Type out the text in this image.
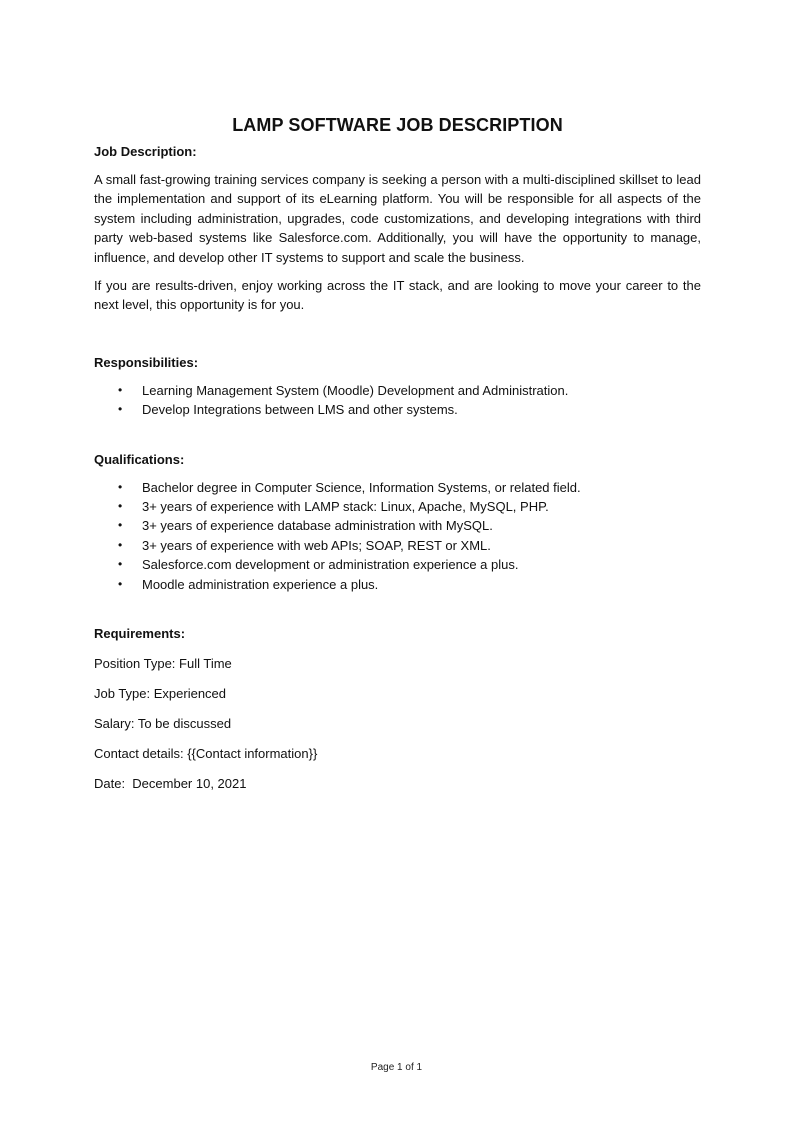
LAMP SOFTWARE JOB DESCRIPTION

Job Description:

A small fast-growing training services company is seeking a person with a multi-disciplined skillset to lead the implementation and support of its eLearning platform. You will be responsible for all aspects of the system including administration, upgrades, code customizations, and developing integrations with third party web-based systems like Salesforce.com. Additionally, you will have the opportunity to manage, influence, and develop other IT systems to support and scale the business.

If you are results-driven, enjoy working across the IT stack, and are looking to move your career to the next level, this opportunity is for you.

Responsibilities:

• Learning Management System (Moodle) Development and Administration.
• Develop Integrations between LMS and other systems.

Qualifications:

• Bachelor degree in Computer Science, Information Systems, or related field.
• 3+ years of experience with LAMP stack: Linux, Apache, MySQL, PHP.
• 3+ years of experience database administration with MySQL.
• 3+ years of experience with web APIs; SOAP, REST or XML.
• Salesforce.com development or administration experience a plus.
• Moodle administration experience a plus.

Requirements:

Position Type: Full Time

Job Type: Experienced

Salary: To be discussed

Contact details: {{Contact information}}

Date:  December 10, 2021

Page 1 of 1
